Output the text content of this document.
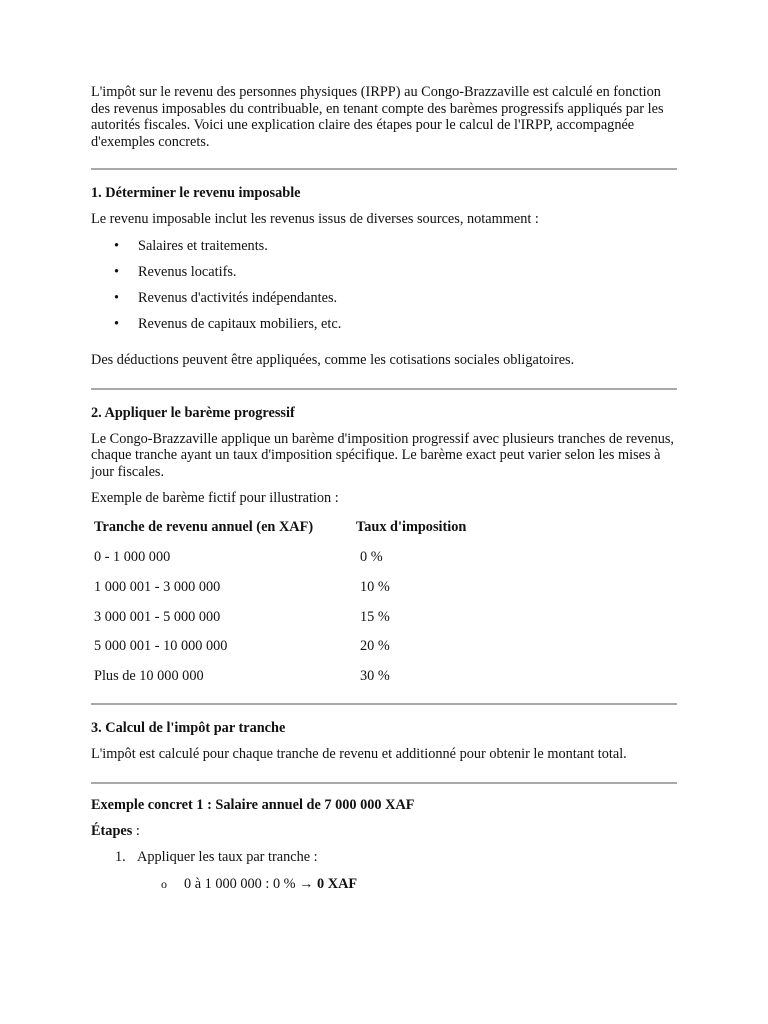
L'impôt sur le revenu des personnes physiques (IRPP) au Congo-Brazzaville est calculé en fonction des revenus imposables du contribuable, en tenant compte des barèmes progressifs appliqués par les autorités fiscales. Voici une explication claire des étapes pour le calcul de l'IRPP, accompagnée d'exemples concrets.

1. Déterminer le revenu imposable

Le revenu imposable inclut les revenus issus de diverses sources, notamment :

• Salaires et traitements.
• Revenus locatifs.
• Revenus d'activités indépendantes.
• Revenus de capitaux mobiliers, etc.

Des déductions peuvent être appliquées, comme les cotisations sociales obligatoires.

2. Appliquer le barème progressif

Le Congo-Brazzaville applique un barème d'imposition progressif avec plusieurs tranches de revenus, chaque tranche ayant un taux d'imposition spécifique. Le barème exact peut varier selon les mises à jour fiscales.

Exemple de barème fictif pour illustration :

Tranche de revenu annuel (en XAF)	Taux d'imposition
0 - 1 000 000	0 %
1 000 001 - 3 000 000	10 %
3 000 001 - 5 000 000	15 %
5 000 001 - 10 000 000	20 %
Plus de 10 000 000	30 %
3. Calcul de l'impôt par tranche

L'impôt est calculé pour chaque tranche de revenu et additionné pour obtenir le montant total.

Exemple concret 1 : Salaire annuel de 7 000 000 XAF

Étapes :

1. Appliquer les taux par tranche :
o 0 à 1 000 000 : 0 % → 0 XAF
